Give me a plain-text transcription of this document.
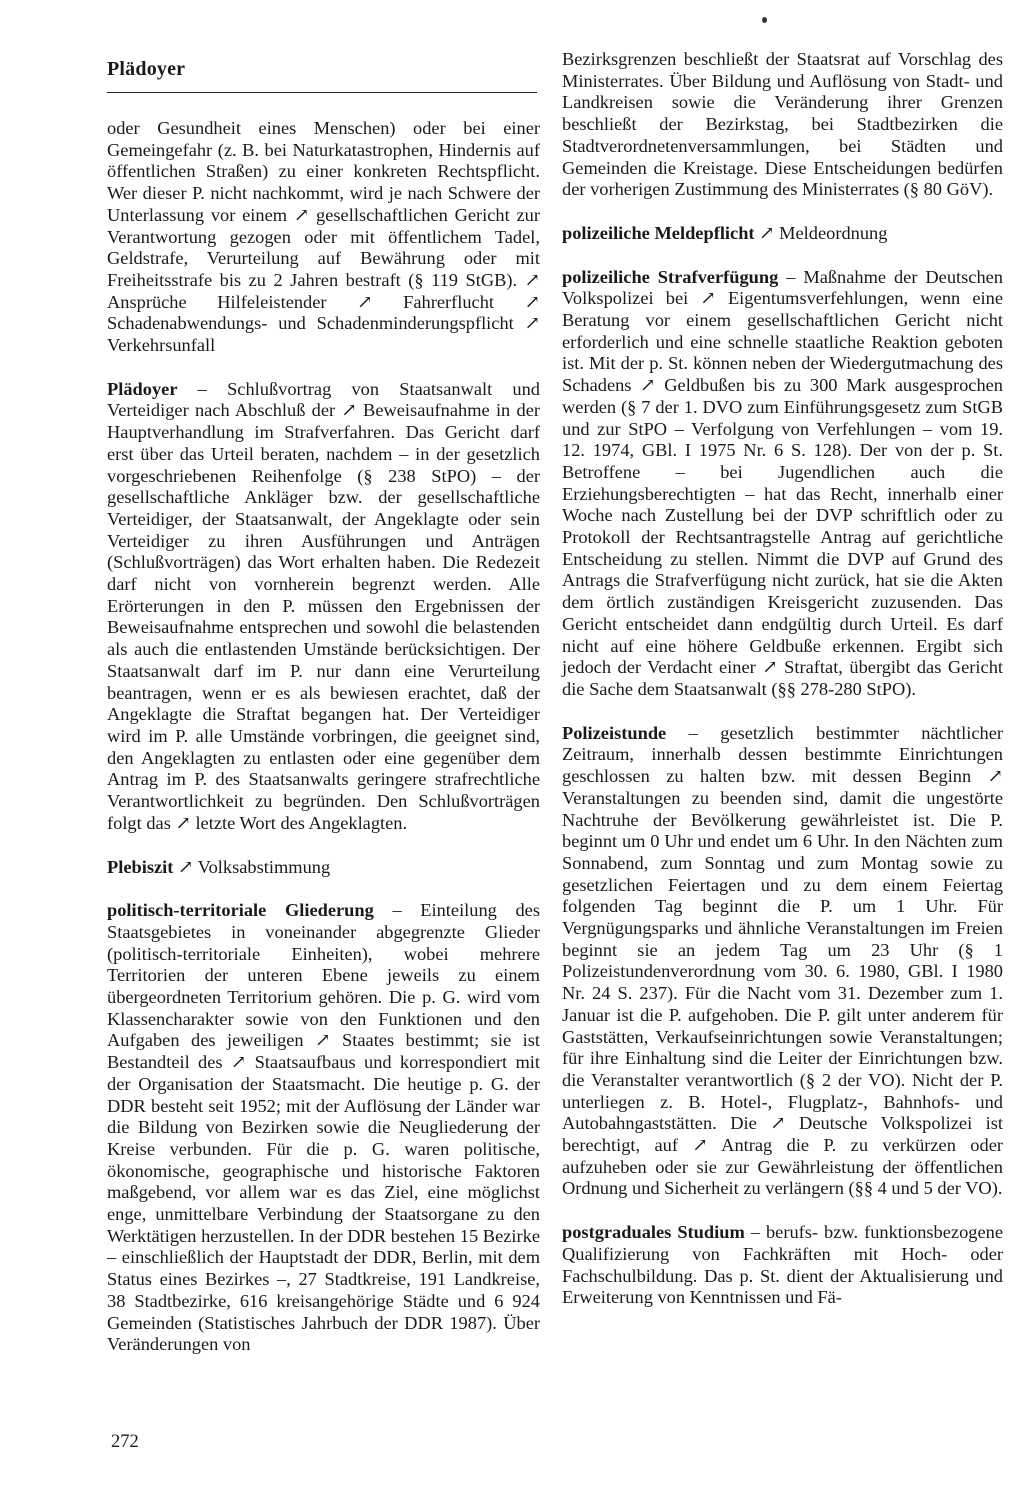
Plädoyer

oder Gesundheit eines Menschen) oder bei einer Gemeingefahr (z. B. bei Naturkatastrophen, Hindernis auf öffentlichen Straßen) zu einer konkreten Rechtspflicht. Wer dieser P. nicht nachkommt, wird je nach Schwere der Unterlassung vor einem ↗ gesellschaftlichen Gericht zur Verantwortung gezogen oder mit öffentlichem Tadel, Geldstrafe, Verurteilung auf Bewährung oder mit Freiheitsstrafe bis zu 2 Jahren bestraft (§ 119 StGB). ↗ Ansprüche Hilfeleistender ↗ Fahrerflucht ↗ Schadenabwendungs- und Schadenminderungspflicht ↗ Verkehrsunfall

Plädoyer – Schlußvortrag von Staatsanwalt und Verteidiger nach Abschluß der ↗ Beweisaufnahme in der Hauptverhandlung im Strafverfahren. Das Gericht darf erst über das Urteil beraten, nachdem – in der gesetzlich vorgeschriebenen Reihenfolge (§ 238 StPO) – der gesellschaftliche Ankläger bzw. der gesellschaftliche Verteidiger, der Staatsanwalt, der Angeklagte oder sein Verteidiger zu ihren Ausführungen und Anträgen (Schlußvorträgen) das Wort erhalten haben. Die Redezeit darf nicht von vornherein begrenzt werden. Alle Erörterungen in den P. müssen den Ergebnissen der Beweisaufnahme entsprechen und sowohl die belastenden als auch die entlastenden Umstände berücksichtigen. Der Staatsanwalt darf im P. nur dann eine Verurteilung beantragen, wenn er es als bewiesen erachtet, daß der Angeklagte die Straftat begangen hat. Der Verteidiger wird im P. alle Umstände vorbringen, die geeignet sind, den Angeklagten zu entlasten oder eine gegenüber dem Antrag im P. des Staatsanwalts geringere strafrechtliche Verantwortlichkeit zu begründen. Den Schlußvorträgen folgt das ↗ letzte Wort des Angeklagten.

Plebiszit ↗ Volksabstimmung

politisch-territoriale Gliederung – Einteilung des Staatsgebietes in voneinander abgegrenzte Glieder (politisch-territoriale Einheiten), wobei mehrere Territorien der unteren Ebene jeweils zu einem übergeordneten Territorium gehören. Die p. G. wird vom Klassencharakter sowie von den Funktionen und den Aufgaben des jeweiligen ↗ Staates bestimmt; sie ist Bestandteil des ↗ Staatsaufbaus und korrespondiert mit der Organisation der Staatsmacht. Die heutige p. G. der DDR besteht seit 1952; mit der Auflösung der Länder war die Bildung von Bezirken sowie die Neugliederung der Kreise verbunden. Für die p. G. waren politische, ökonomische, geographische und historische Faktoren maßgebend, vor allem war es das Ziel, eine möglichst enge, unmittelbare Verbindung der Staatsorgane zu den Werktätigen herzustellen. In der DDR bestehen 15 Bezirke – einschließlich der Hauptstadt der DDR, Berlin, mit dem Status eines Bezirkes –, 27 Stadtkreise, 191 Landkreise, 38 Stadtbezirke, 616 kreisangehörige Städte und 6 924 Gemeinden (Statistisches Jahrbuch der DDR 1987). Über Veränderungen von

Bezirksgrenzen beschließt der Staatsrat auf Vorschlag des Ministerrates. Über Bildung und Auflösung von Stadt- und Landkreisen sowie die Veränderung ihrer Grenzen beschließt der Bezirkstag, bei Stadtbezirken die Stadtverordnetenversammlungen, bei Städten und Gemeinden die Kreistage. Diese Entscheidungen bedürfen der vorherigen Zustimmung des Ministerrates (§ 80 GöV).

polizeiliche Meldepflicht ↗ Meldeordnung

polizeiliche Strafverfügung – Maßnahme der Deutschen Volkspolizei bei ↗ Eigentumsverfehlungen, wenn eine Beratung vor einem gesellschaftlichen Gericht nicht erforderlich und eine schnelle staatliche Reaktion geboten ist. Mit der p. St. können neben der Wiedergutmachung des Schadens ↗ Geldbußen bis zu 300 Mark ausgesprochen werden (§ 7 der 1. DVO zum Einführungsgesetz zum StGB und zur StPO – Verfolgung von Verfehlungen – vom 19. 12. 1974, GBl. I 1975 Nr. 6 S. 128). Der von der p. St. Betroffene – bei Jugendlichen auch die Erziehungsberechtigten – hat das Recht, innerhalb einer Woche nach Zustellung bei der DVP schriftlich oder zu Protokoll der Rechtsantragstelle Antrag auf gerichtliche Entscheidung zu stellen. Nimmt die DVP auf Grund des Antrags die Strafverfügung nicht zurück, hat sie die Akten dem örtlich zuständigen Kreisgericht zuzusenden. Das Gericht entscheidet dann endgültig durch Urteil. Es darf nicht auf eine höhere Geldbuße erkennen. Ergibt sich jedoch der Verdacht einer ↗ Straftat, übergibt das Gericht die Sache dem Staatsanwalt (§§ 278-280 StPO).

Polizeistunde – gesetzlich bestimmter nächtlicher Zeitraum, innerhalb dessen bestimmte Einrichtungen geschlossen zu halten bzw. mit dessen Beginn ↗ Veranstaltungen zu beenden sind, damit die ungestörte Nachtruhe der Bevölkerung gewährleistet ist. Die P. beginnt um 0 Uhr und endet um 6 Uhr. In den Nächten zum Sonnabend, zum Sonntag und zum Montag sowie zu gesetzlichen Feiertagen und zu dem einem Feiertag folgenden Tag beginnt die P. um 1 Uhr. Für Vergnügungsparks und ähnliche Veranstaltungen im Freien beginnt sie an jedem Tag um 23 Uhr (§ 1 Polizeistundenverordnung vom 30. 6. 1980, GBl. I 1980 Nr. 24 S. 237). Für die Nacht vom 31. Dezember zum 1. Januar ist die P. aufgehoben. Die P. gilt unter anderem für Gaststätten, Verkaufseinrichtungen sowie Veranstaltungen; für ihre Einhaltung sind die Leiter der Einrichtungen bzw. die Veranstalter verantwortlich (§ 2 der VO). Nicht der P. unterliegen z. B. Hotel-, Flugplatz-, Bahnhofs- und Autobahngaststätten. Die ↗ Deutsche Volkspolizei ist berechtigt, auf ↗ Antrag die P. zu verkürzen oder aufzuheben oder sie zur Gewährleistung der öffentlichen Ordnung und Sicherheit zu verlängern (§§ 4 und 5 der VO).

postgraduales Studium – berufs- bzw. funktionsbezogene Qualifizierung von Fachkräften mit Hoch- oder Fachschulbildung. Das p. St. dient der Aktualisierung und Erweiterung von Kenntnissen und Fä-

272
